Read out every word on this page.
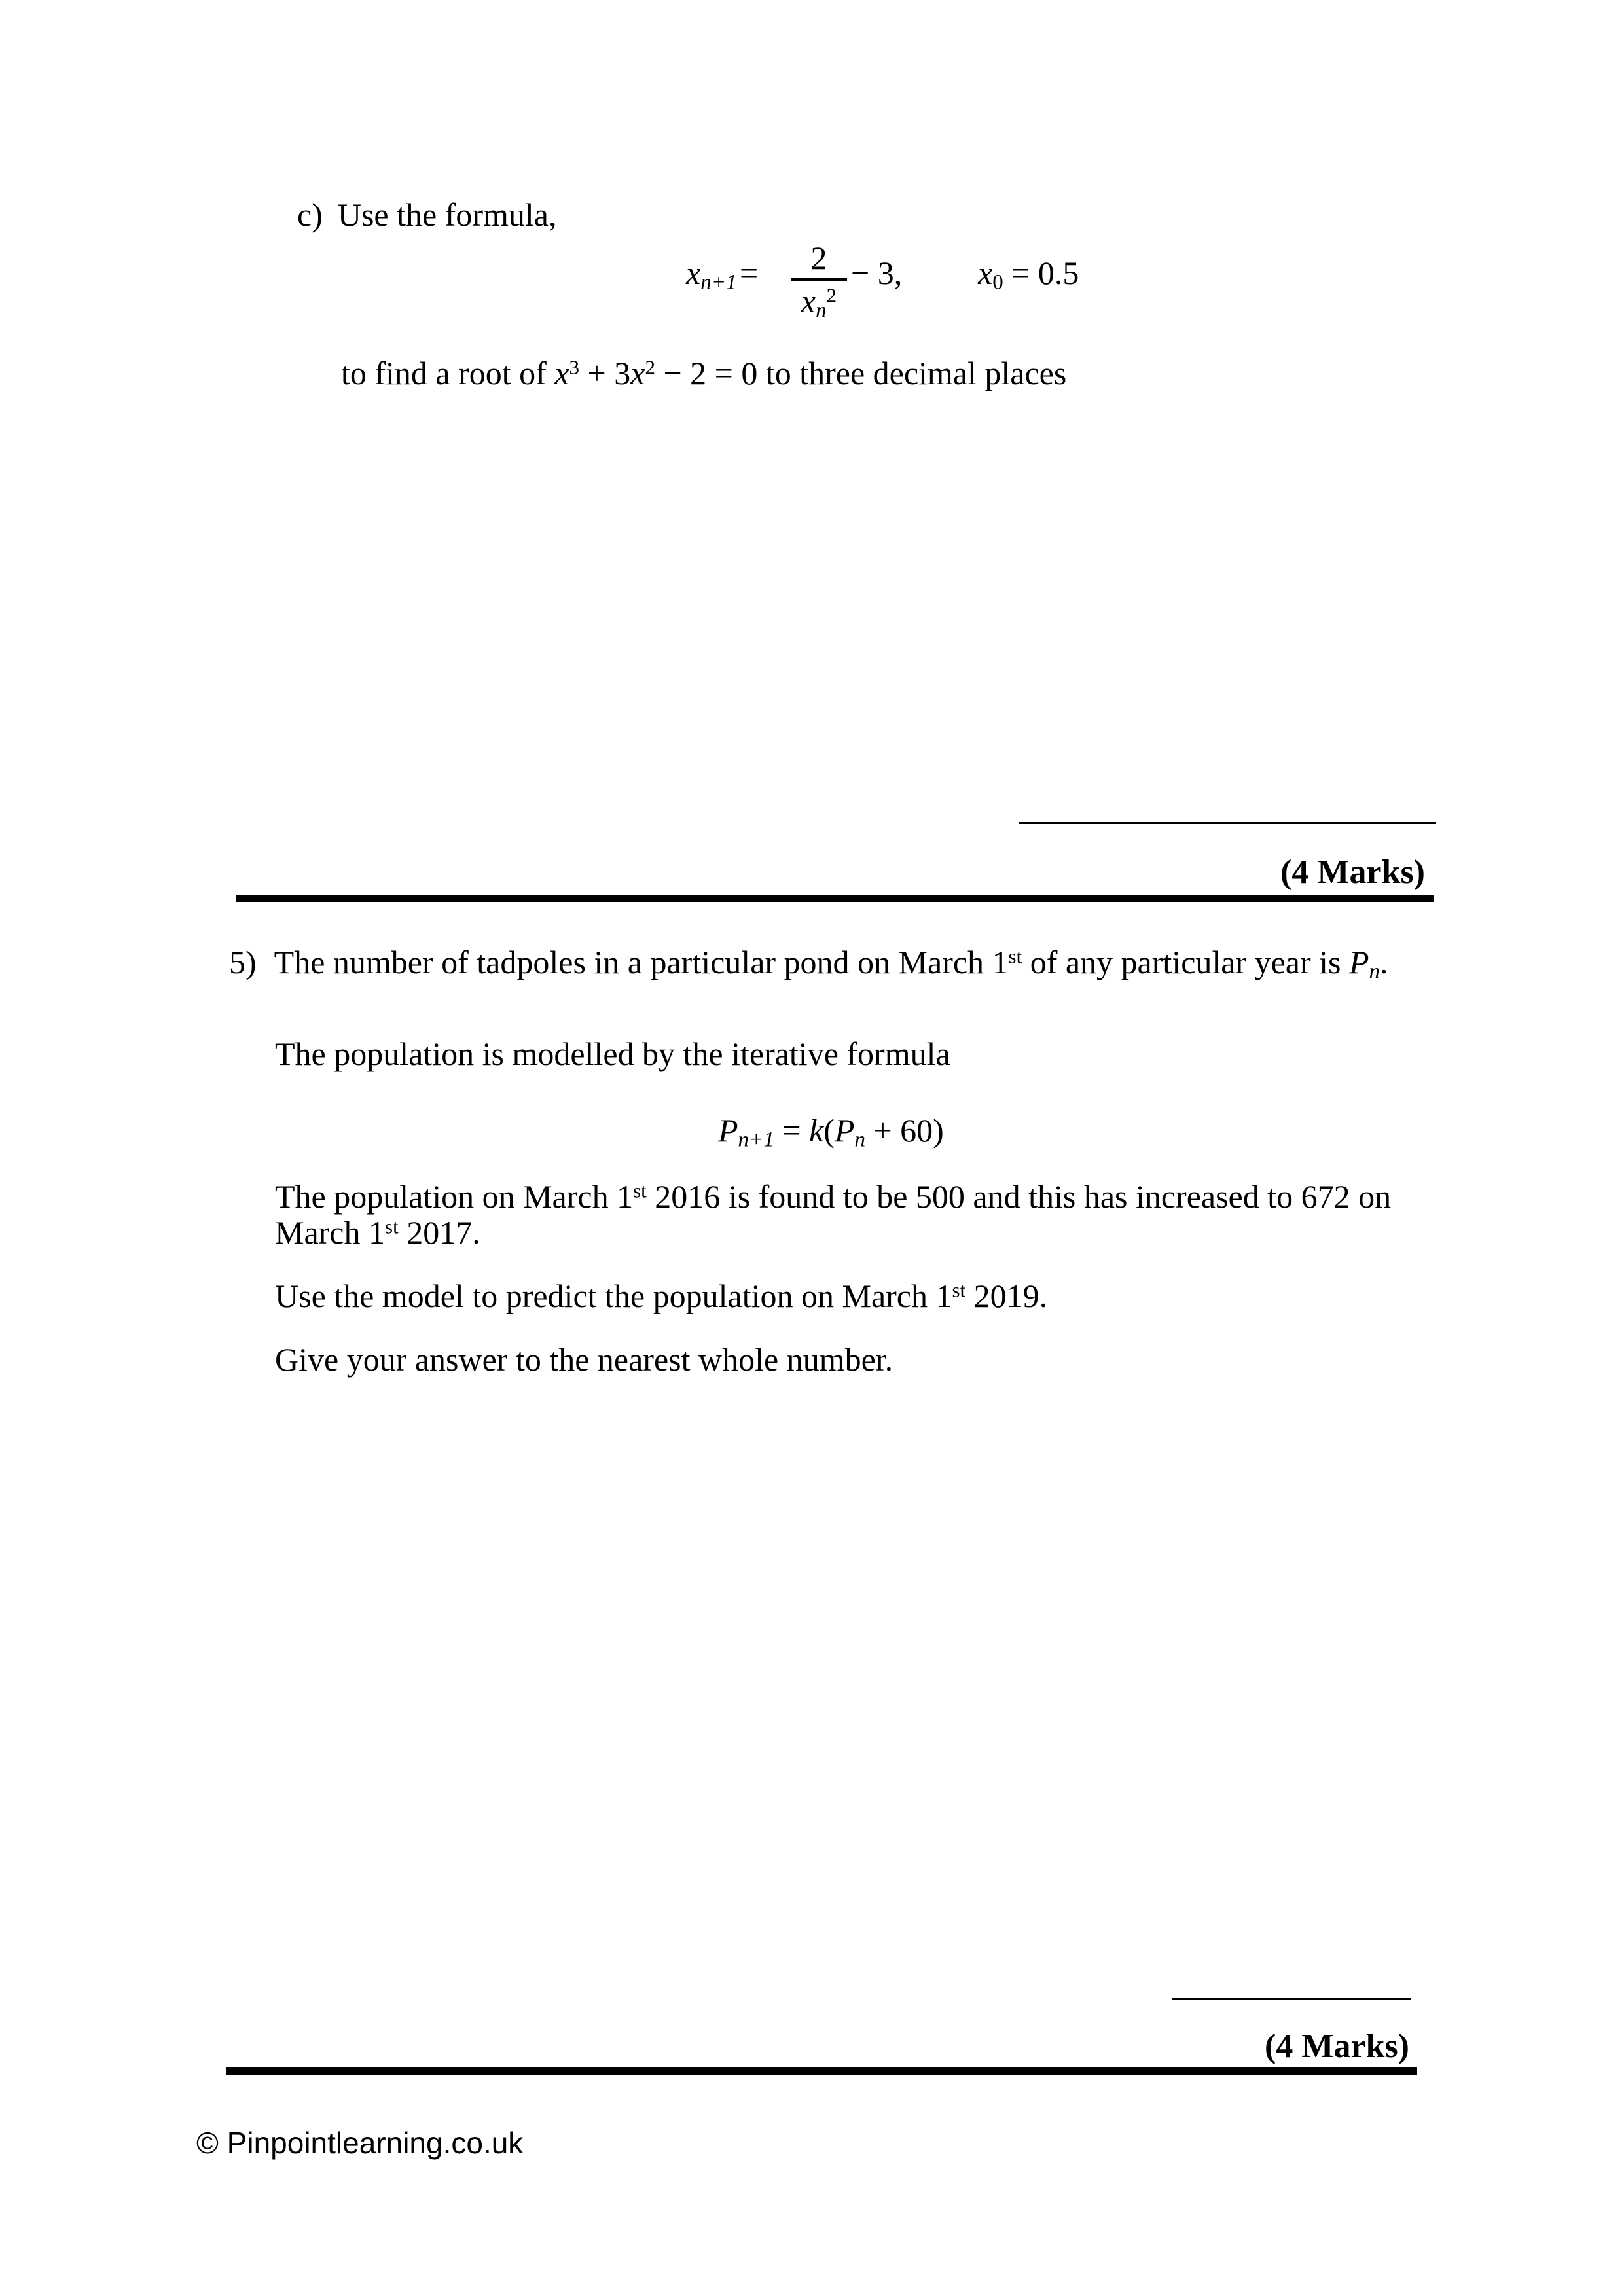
c) Use the formula,
xn+1 =	2
$xn^2$
− 3, x0 = 0.5
to find a root of $x^3 + 3x^2 - 2 = 0$ to three decimal places
(4 Marks)
5) The number of tadpoles in a particular pond on March 1st of any particular year is Pn.
The population is modelled by the iterative formula
Pn+1 = k(Pn + 60)
The population on March 1st 2016 is found to be 500 and this has increased to 672 on
March 1st 2017.
Use the model to predict the population on March 1st 2019.
Give your answer to the nearest whole number.
(4 Marks)
© Pinpointlearning.co.uk
